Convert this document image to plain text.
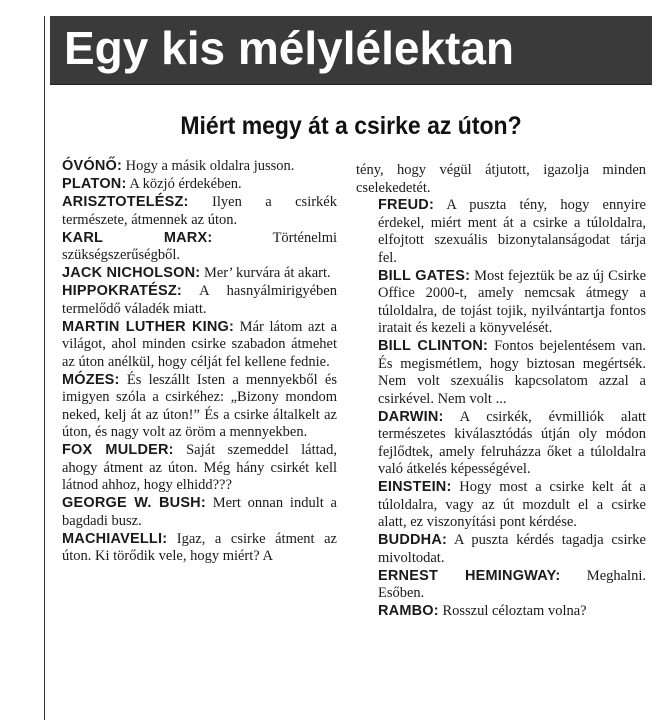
Egy kis mélylélektan
Miért megy át a csirke az úton?

ÓVÓNŐ: Hogy a másik oldalra jusson.

PLATON: A közjó érdekében.

ARISZTOTELÉSZ: Ilyen a csirkék természete, átmennek az úton.

KARL MARX: Történelmi szükségszerűségből.

JACK NICHOLSON: Mer’ kurvára át akart.

HIPPOKRATÉSZ: A hasnyálmirigyében termelődő váladék miatt.

MARTIN LUTHER KING: Már látom azt a világot, ahol minden csirke szabadon átmehet az úton anélkül, hogy célját fel kellene fednie.

MÓZES: És leszállt Isten a mennyekből és imigyen szóla a csirkéhez: „Bizony mondom neked, kelj át az úton!” És a csirke általkelt az úton, és nagy volt az öröm a mennyekben.

FOX MULDER: Saját szemeddel láttad, ahogy átment az úton. Még hány csirkét kell látnod ahhoz, hogy elhidd???

GEORGE W. BUSH: Mert onnan indult a bagdadi busz.

MACHIAVELLI: Igaz, a csirke átment az úton. Ki törődik vele, hogy miért? A

tény, hogy végül átjutott, igazolja minden cselekedetét.

FREUD: A puszta tény, hogy ennyire érdekel, miért ment át a csirke a túloldalra, elfojtott szexuális bizonytalanságodat tárja fel.

BILL GATES: Most fejeztük be az új Csirke Office 2000-t, amely nemcsak átmegy a túloldalra, de tojást tojik, nyilvántartja fontos iratait és kezeli a könyvelését.

BILL CLINTON: Fontos bejelentésem van. És megismétlem, hogy biztosan megértsék. Nem volt szexuális kapcsolatom azzal a csirkével. Nem volt ...

DARWIN: A csirkék, évmilliók alatt természetes kiválasztódás útján oly módon fejlődtek, amely felruházza őket a túloldalra való átkelés képességével.

EINSTEIN: Hogy most a csirke kelt át a túloldalra, vagy az út mozdult el a csirke alatt, ez viszonyítási pont kérdése.

BUDDHA: A puszta kérdés tagadja csirke mivoltodat.

ERNEST HEMINGWAY: Meghalni. Esőben.

RAMBO: Rosszul céloztam volna?
